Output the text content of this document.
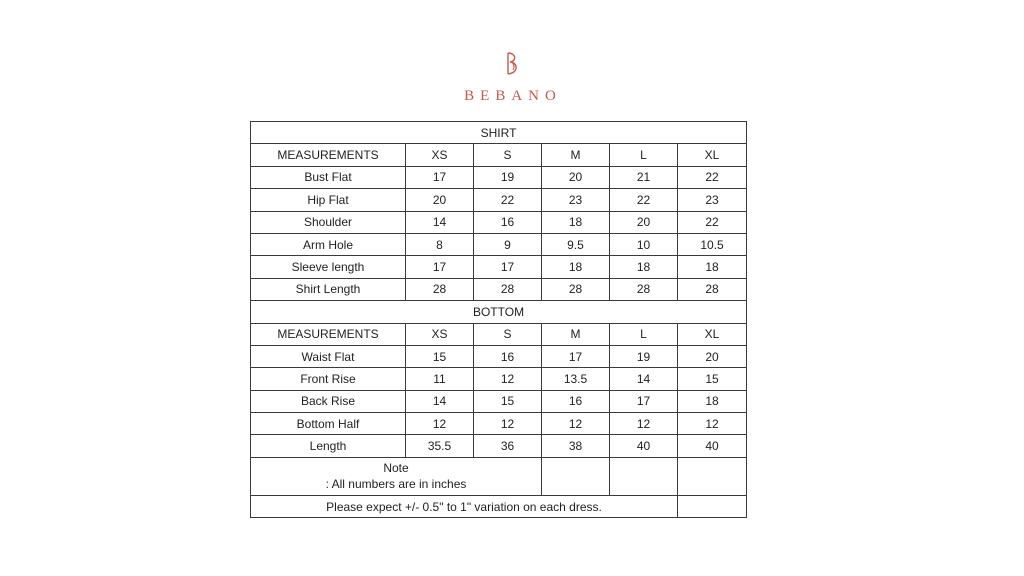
BEBANO
SHIRT					
MEASUREMENTS	XS	S	M	L	XL
Bust Flat	17	19	20	21	22
Hip Flat	20	22	23	22	23
Shoulder	14	16	18	20	22
Arm Hole	8	9	9.5	10	10.5
Sleeve length	17	17	18	18	18
Shirt Length	28	28	28	28	28
BOTTOM					
MEASUREMENTS	XS	S	M	L	XL
Waist Flat	15	16	17	19	20
Front Rise	11	12	13.5	14	15
Back Rise	14	15	16	17	18
Bottom Half	12	12	12	12	12
Length	35.5	36	38	40	40

Note
: All numbers are in inches					

Please expect +/- 0.5" to 1" variation on each dress.					
